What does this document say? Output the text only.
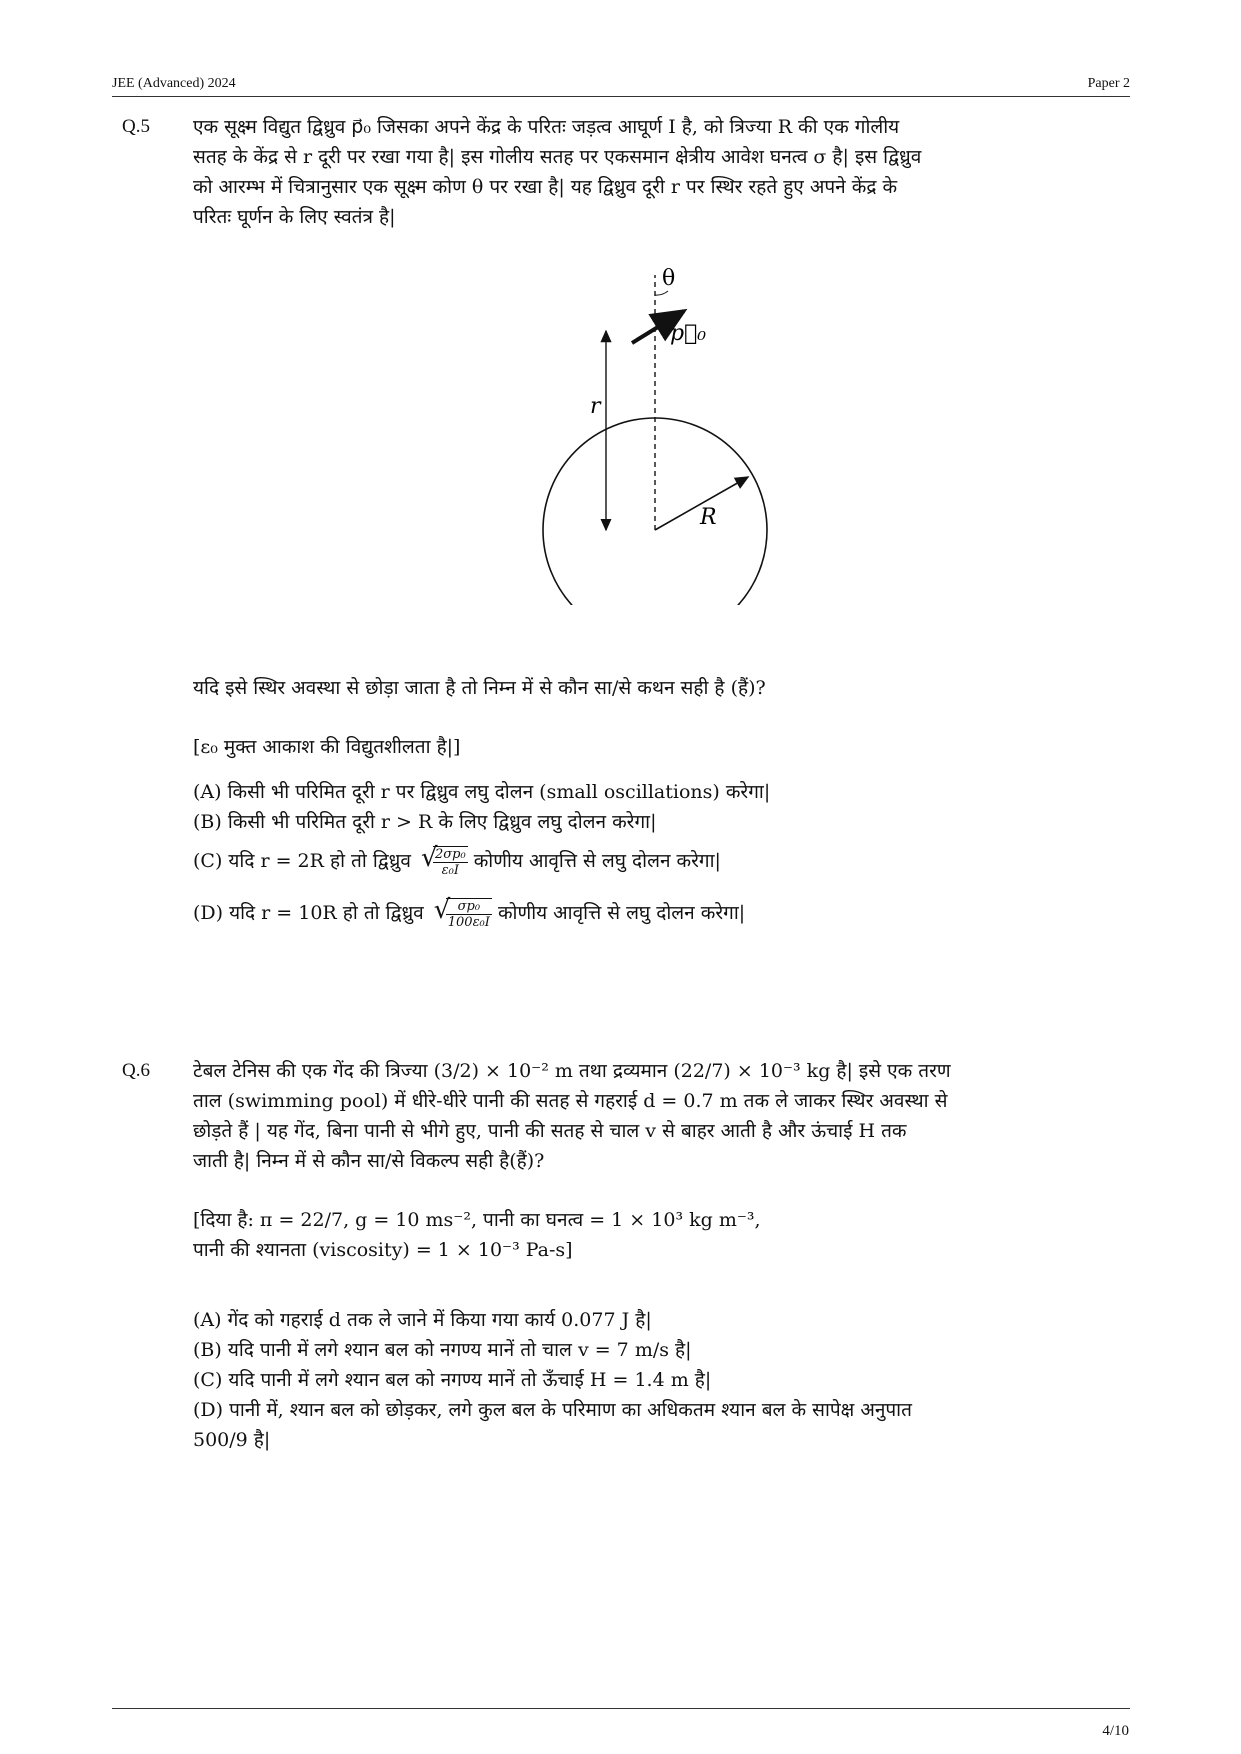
JEE (Advanced) 2024	Paper 2
Q.5 एक सूक्ष्म विद्युत द्विध्रुव p⃗₀ जिसका अपने केंद्र के परितः जड़त्व आघूर्ण I है, को त्रिज्या R की एक गोलीय
सतह के केंद्र से r दूरी पर रखा गया है| इस गोलीय सतह पर एकसमान क्षेत्रीय आवेश घनत्व σ है| इस द्विध्रुव
को आरम्भ में चित्रानुसार एक सूक्ष्म कोण θ पर रखा है| यह द्विध्रुव दूरी r पर स्थिर रहते हुए अपने केंद्र के
परितः घूर्णन के लिए स्वतंत्र है|
θ
p⃗₀
r
R
यदि इसे स्थिर अवस्था से छोड़ा जाता है तो निम्न में से कौन सा/से कथन सही है (हैं)?
[ε₀ मुक्त आकाश की विद्युतशीलता है|]
(A) किसी भी परिमित दूरी r पर द्विध्रुव लघु दोलन (small oscillations) करेगा|
(B) किसी भी परिमित दूरी r > R के लिए द्विध्रुव लघु दोलन करेगा|
(C) यदि r = 2R हो तो द्विध्रुव √ $\frac{\text{2σp₀}}{\text{ε₀I}}$ कोणीय आवृत्ति से लघु दोलन करेगा|
(D) यदि r = 10R हो तो द्विध्रुव √ $\frac{\text{σp₀}}{\text{100ε₀I}}$ कोणीय आवृत्ति से लघु दोलन करेगा|
Q.6 टेबल टेनिस की एक गेंद की त्रिज्या (3/2) × 10⁻² m तथा द्रव्यमान (22/7) × 10⁻³ kg है| इसे एक तरण
ताल (swimming pool) में धीरे-धीरे पानी की सतह से गहराई d = 0.7 m तक ले जाकर स्थिर अवस्था से
छोड़ते हैं | यह गेंद, बिना पानी से भीगे हुए, पानी की सतह से चाल v से बाहर आती है और ऊंचाई H तक
जाती है| निम्न में से कौन सा/से विकल्प सही है(हैं)?
[दिया है: π = 22/7, g = 10 ms⁻², पानी का घनत्व = 1 × 10³ kg m⁻³,
पानी की श्यानता (viscosity) = 1 × 10⁻³ Pa-s]
(A) गेंद को गहराई d तक ले जाने में किया गया कार्य 0.077 J है|
(B) यदि पानी में लगे श्यान बल को नगण्य मानें तो चाल v = 7 m/s है|
(C) यदि पानी में लगे श्यान बल को नगण्य मानें तो ऊँचाई H = 1.4 m है|
(D) पानी में, श्यान बल को छोड़कर, लगे कुल बल के परिमाण का अधिकतम श्यान बल के सापेक्ष अनुपात
500/9 है|
4/10
